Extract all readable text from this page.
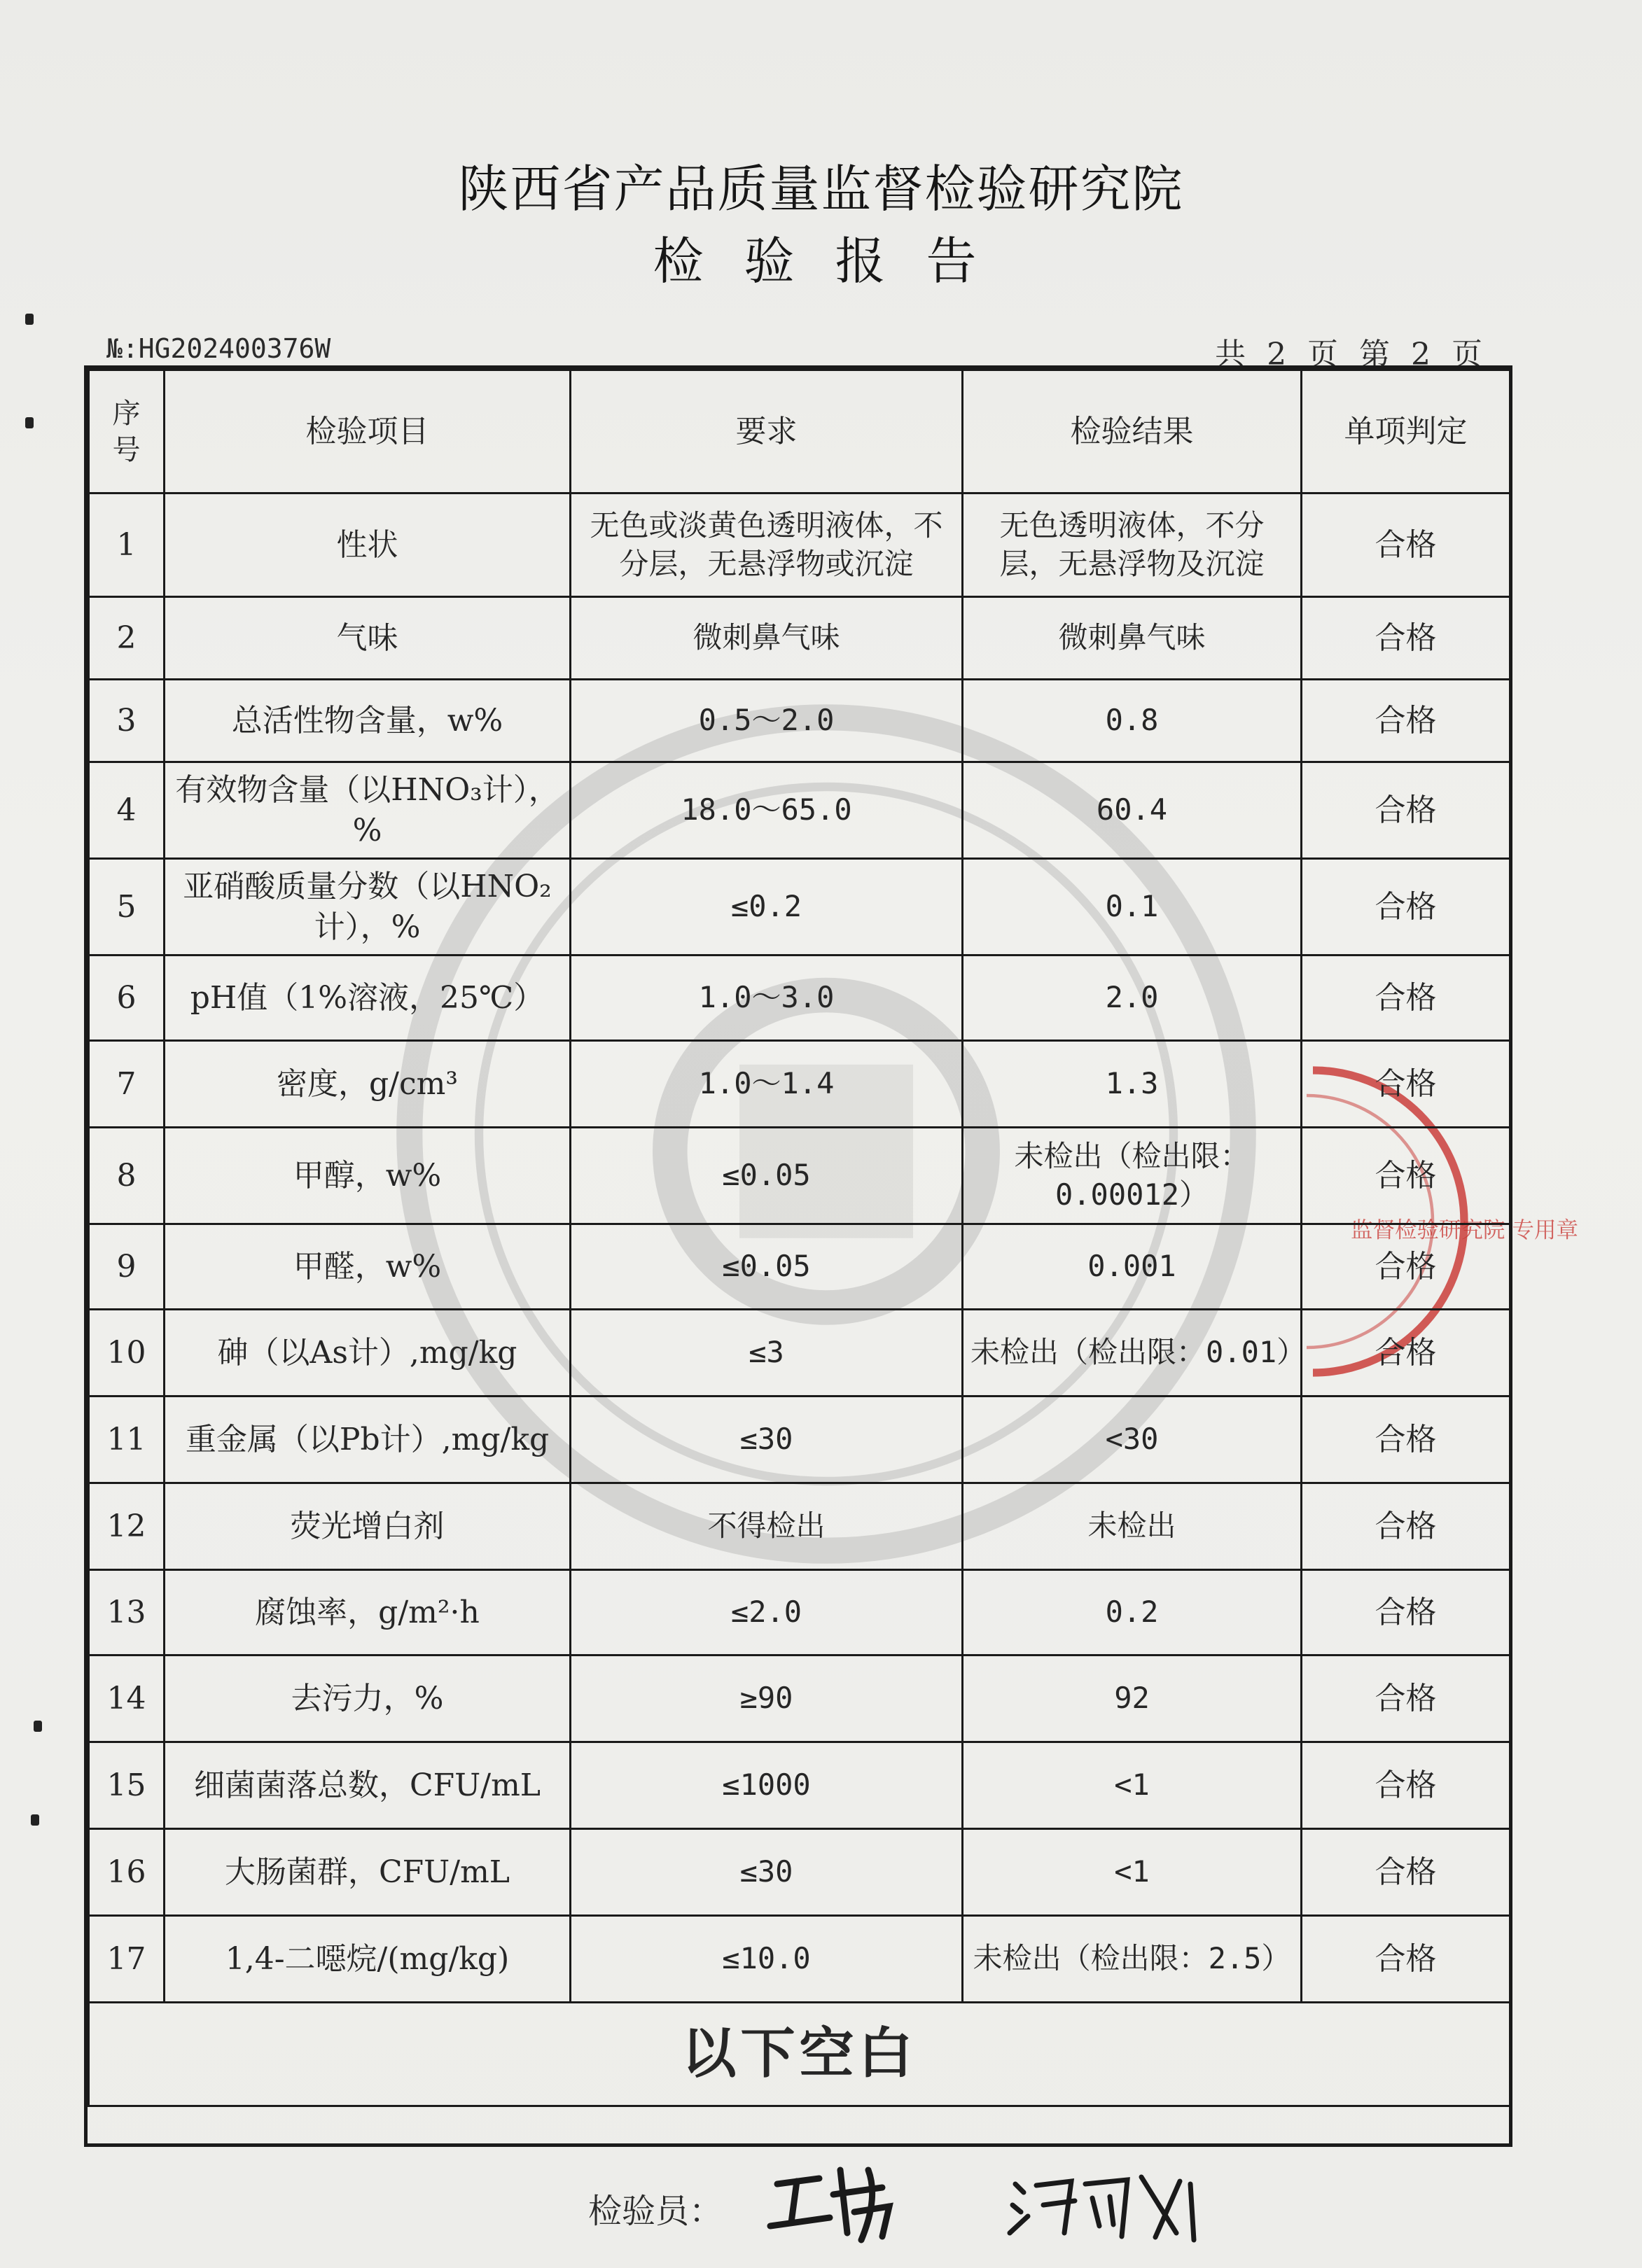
监督检验研究院 专用章
陕西省产品质量监督检验研究院
检验报告
№:HG202400376W	共 2 页 第 2 页
序号	检验项目	要求	检验结果	单项判定
1	性状	无色或淡黄色透明液体，不分层，无悬浮物或沉淀	无色透明液体，不分层，无悬浮物及沉淀	合格
2	气味	微刺鼻气味	微刺鼻气味	合格
3	总活性物含量，w%	0.5～2.0	0.8	合格
4	有效物含量（以HNO₃计），%	18.0～65.0	60.4	合格
5	亚硝酸质量分数（以HNO₂计），%	≤0.2	0.1	合格
6	pH值（1%溶液，25℃）	1.0～3.0	2.0	合格
7	密度，g/cm³	1.0～1.4	1.3	合格
8	甲醇，w%	≤0.05	未检出（检出限：0.00012）	合格
9	甲醛，w%	≤0.05	0.001	合格
10	砷（以As计）,mg/kg	≤3	未检出（检出限：0.01）	合格
11	重金属（以Pb计）,mg/kg	≤30	<30	合格
12	荧光增白剂	不得检出	未检出	合格
13	腐蚀率，g/m²·h	≤2.0	0.2	合格
14	去污力，%	≥90	92	合格
15	细菌菌落总数，CFU/mL	≤1000	<1	合格
16	大肠菌群，CFU/mL	≤30	<1	合格
17	1,4-二噁烷/(mg/kg)	≤10.0	未检出（检出限：2.5）	合格
以下空白				
检验员：
